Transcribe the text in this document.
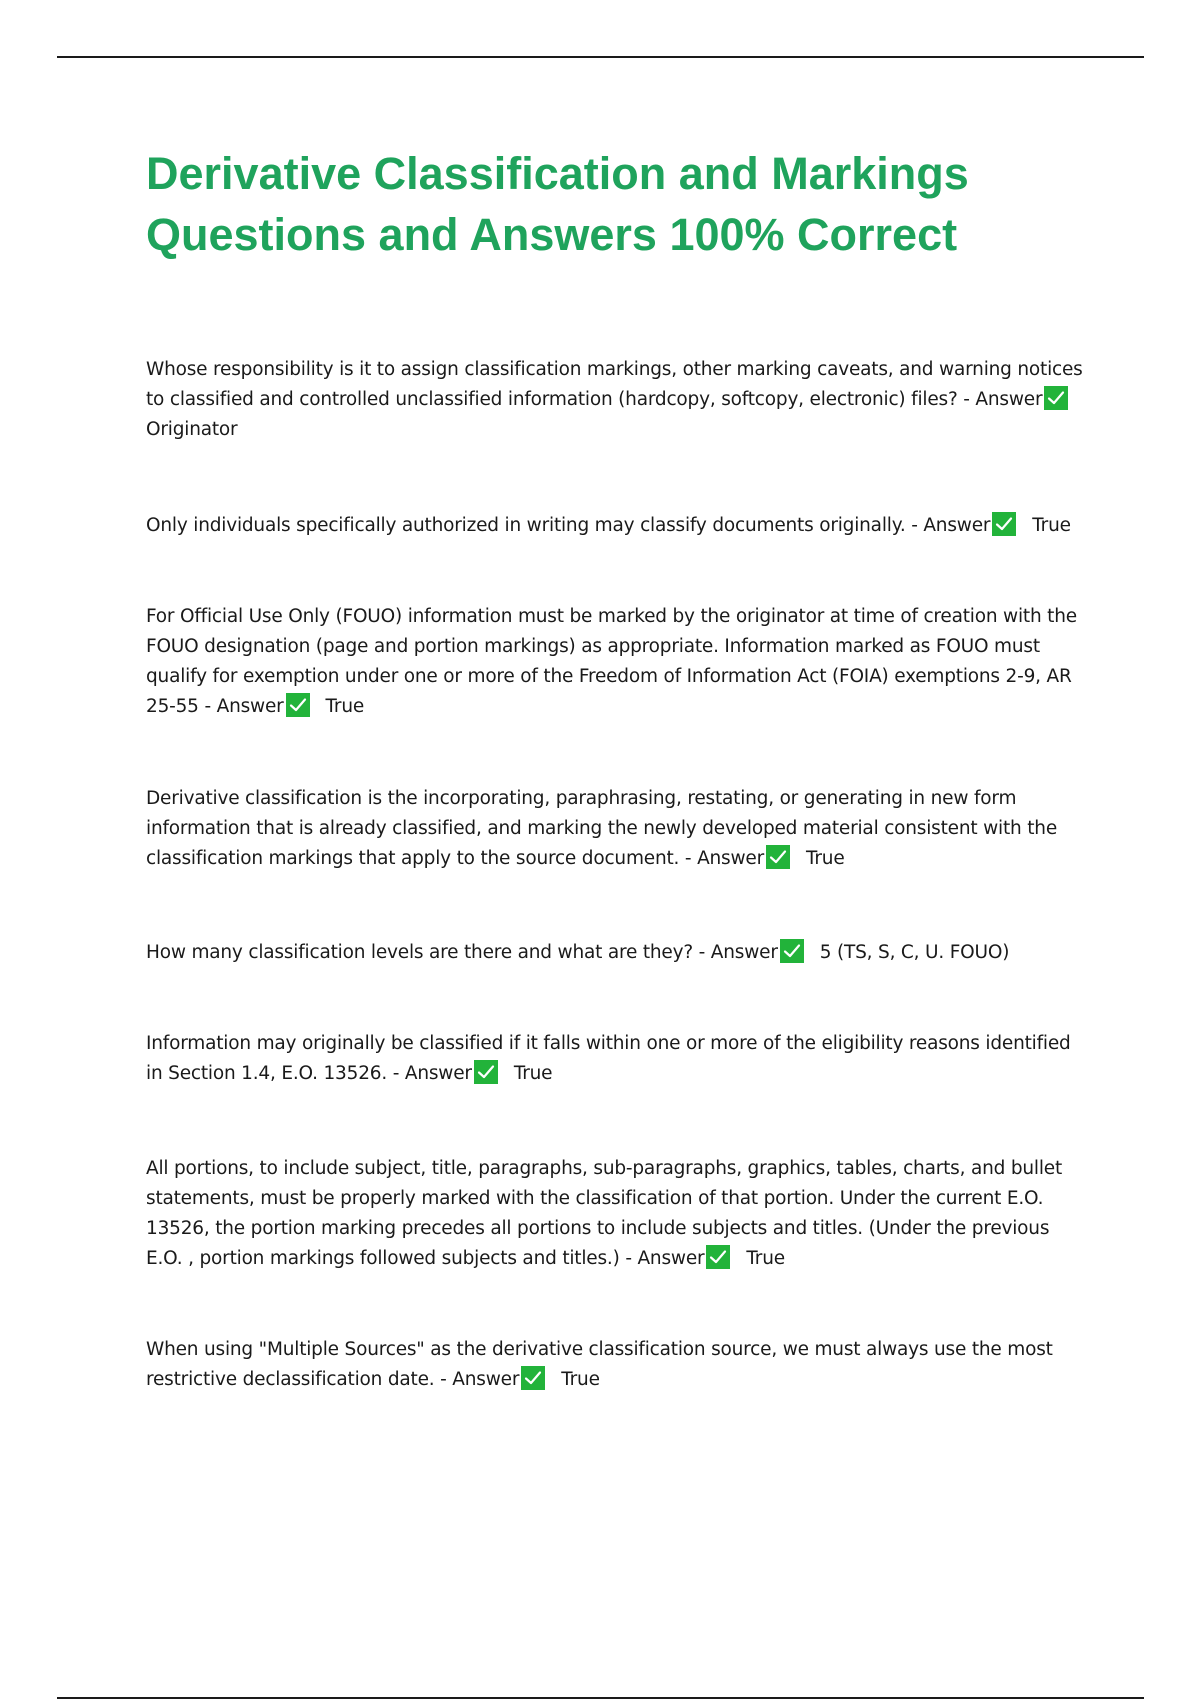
Derivative Classification and Markings
Questions and Answers 100% Correct

Whose responsibility is it to assign classification markings, other marking caveats, and warning notices to classified and controlled unclassified information (hardcopy, softcopy, electronic) files? - Answer

Originator

Only individuals specifically authorized in writing may classify documents originally. - Answer True

For Official Use Only (FOUO) information must be marked by the originator at time of creation with the FOUO designation (page and portion markings) as appropriate. Information marked as FOUO must qualify for exemption under one or more of the Freedom of Information Act (FOIA) exemptions 2-9, AR 25-55 - Answer True

Derivative classification is the incorporating, paraphrasing, restating, or generating in new form information that is already classified, and marking the newly developed material consistent with the classification markings that apply to the source document. - Answer True

How many classification levels are there and what are they? - Answer 5 (TS, S, C, U. FOUO)

Information may originally be classified if it falls within one or more of the eligibility reasons identified in Section 1.4, E.O. 13526. - Answer True

All portions, to include subject, title, paragraphs, sub-paragraphs, graphics, tables, charts, and bullet statements, must be properly marked with the classification of that portion. Under the current E.O. 13526, the portion marking precedes all portions to include subjects and titles. (Under the previous E.O. , portion markings followed subjects and titles.) - Answer True

When using "Multiple Sources" as the derivative classification source, we must always use the most restrictive declassification date. - Answer True
